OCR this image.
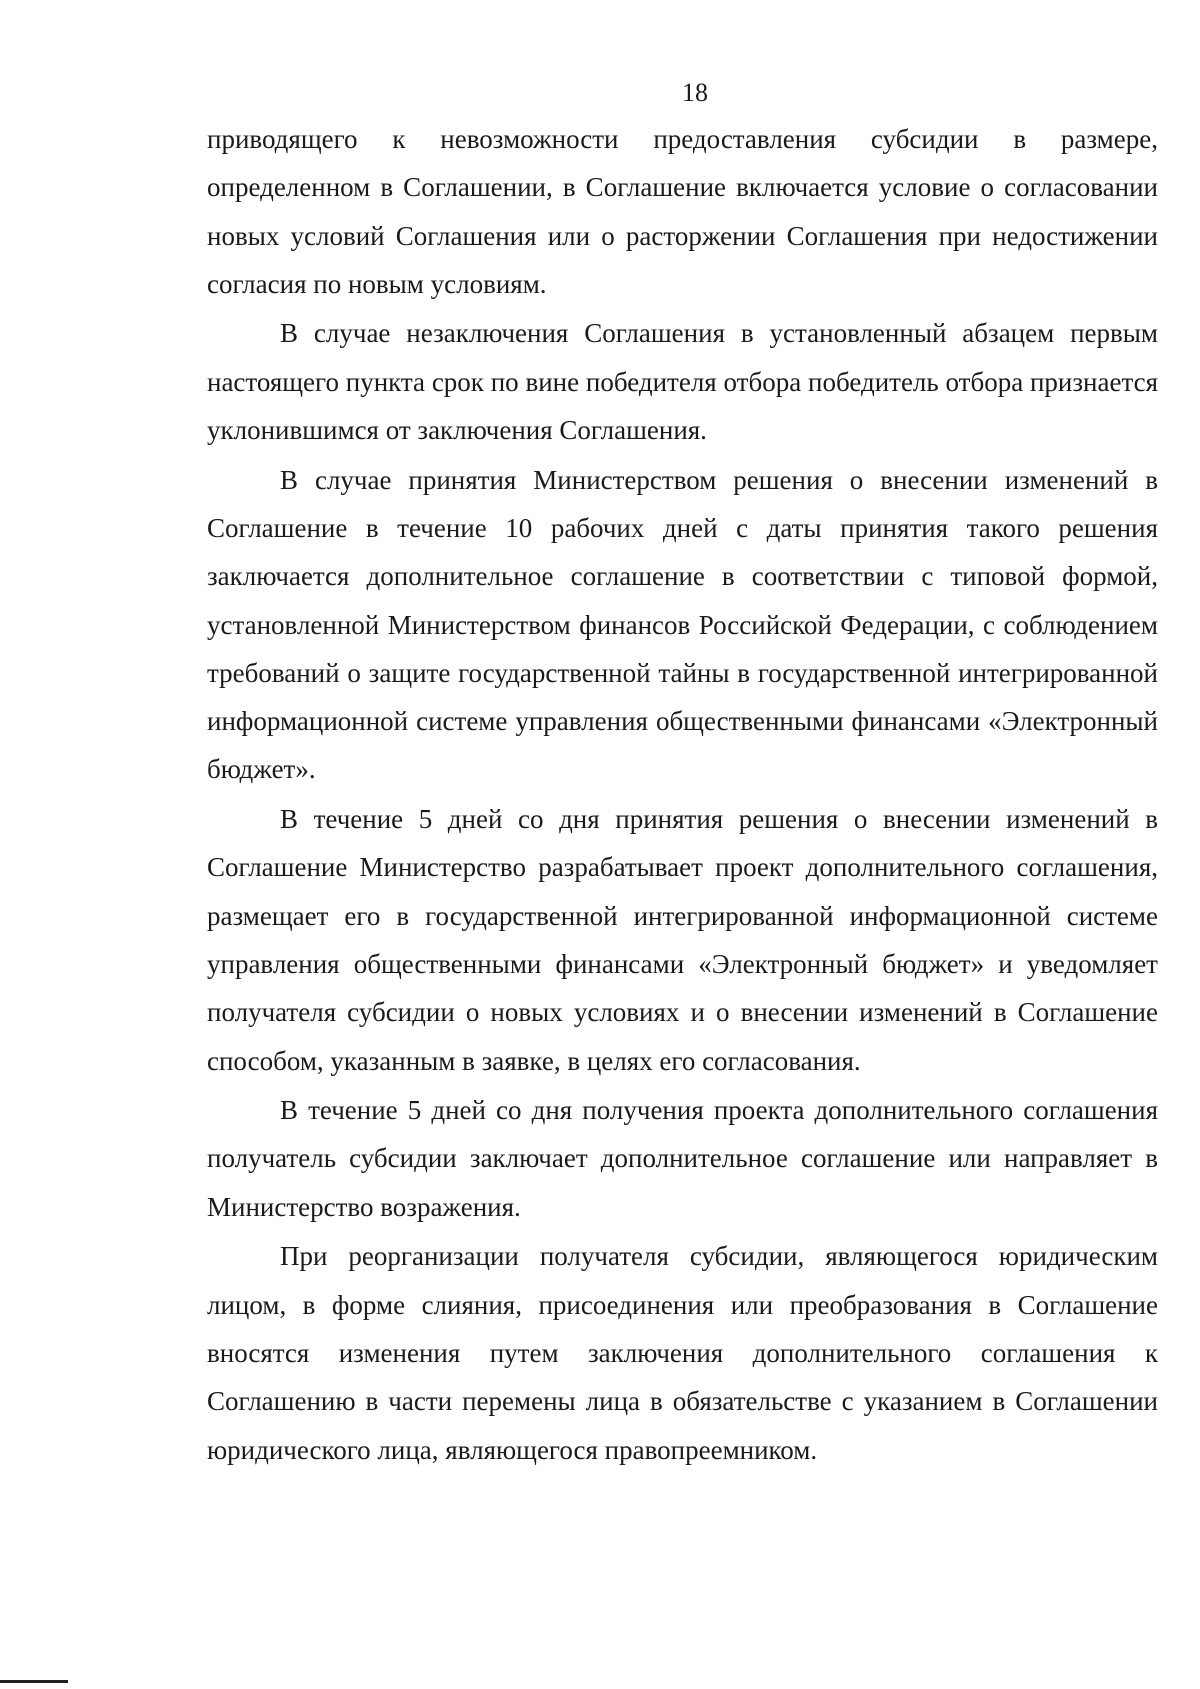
18

приводящего к невозможности предоставления субсидии в размере, определенном в Соглашении, в Соглашение включается условие о согласовании новых условий Соглашения или о расторжении Соглашения при недостижении согласия по новым условиям.

В случае незаключения Соглашения в установленный абзацем первым настоящего пункта срок по вине победителя отбора победитель отбора признается уклонившимся от заключения Соглашения.

В случае принятия Министерством решения о внесении изменений в Соглашение в течение 10 рабочих дней с даты принятия такого решения заключается дополнительное соглашение в соответствии с типовой формой, установленной Министерством финансов Российской Федерации, с соблюдением требований о защите государственной тайны в государственной интегрированной информационной системе управления общественными финансами «Электронный бюджет».

В течение 5 дней со дня принятия решения о внесении изменений в Соглашение Министерство разрабатывает проект дополнительного соглашения, размещает его в государственной интегрированной информационной системе управления общественными финансами «Электронный бюджет» и уведомляет получателя субсидии о новых условиях и о внесении изменений в Соглашение способом, указанным в заявке, в целях его согласования.

В течение 5 дней со дня получения проекта дополнительного соглашения получатель субсидии заключает дополнительное соглашение или направляет в Министерство возражения.

При реорганизации получателя субсидии, являющегося юридическим лицом, в форме слияния, присоединения или преобразования в Соглашение вносятся изменения путем заключения дополнительного соглашения к Соглашению в части перемены лица в обязательстве с указанием в Соглашении юридического лица, являющегося правопреемником.
